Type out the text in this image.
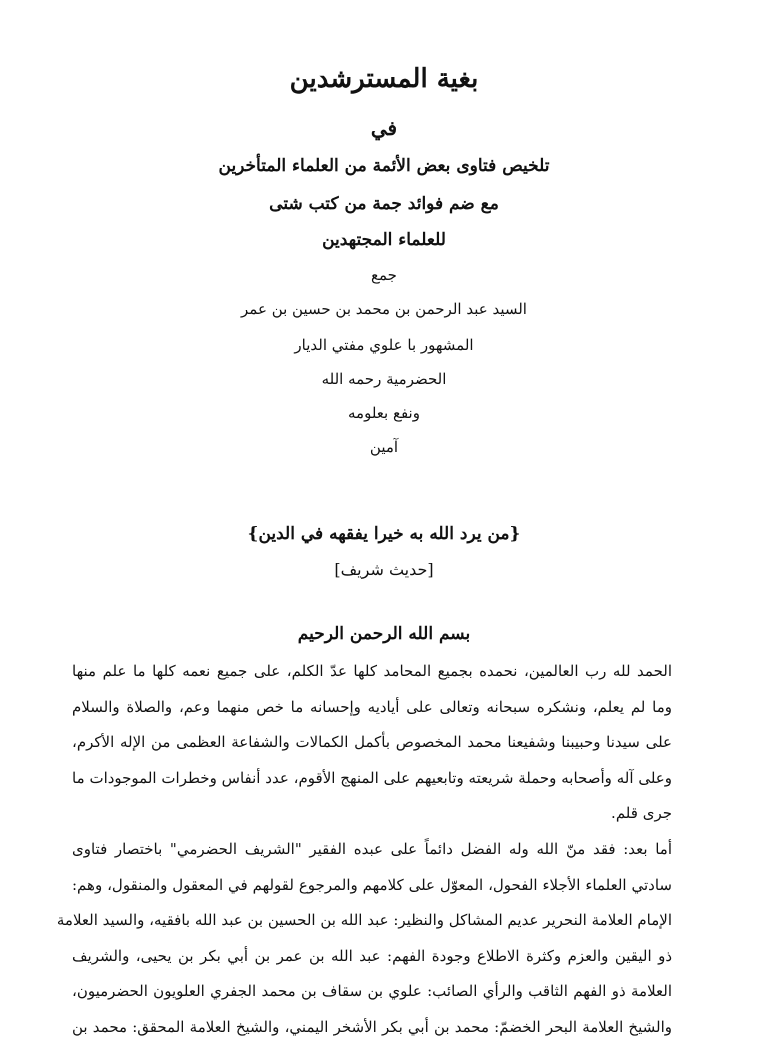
بغية المسترشدين
في
تلخيص فتاوى بعض الأئمة من العلماء المتأخرين
مع ضم فوائد جمة من كتب شتى
للعلماء المجتهدين
جمع
السيد عبد الرحمن بن محمد بن حسين بن عمر
المشهور با علوي مفتي الديار
الحضرمية رحمه الله
ونفع بعلومه
آمين
{من يرد الله به خيرا يفقهه في الدين}
[حديث شريف]
بسم الله الرحمن الرحيم

الحمد لله رب العالمين، نحمده بجميع المحامد كلها عدّ الكلم، على جميع نعمه كلها ما علم منها
وما لم يعلم، ونشكره سبحانه وتعالى على أياديه وإحسانه ما خص منهما وعم، والصلاة والسلام
على سيدنا وحبيبنا وشفيعنا محمد المخصوص بأكمل الكمالات والشفاعة العظمى من الإله الأكرم،
وعلى آله وأصحابه وحملة شريعته وتابعيهم على المنهج الأقوم، عدد أنفاس وخطرات الموجودات ما
جرى قلم.

أما بعد: فقد منّ الله وله الفضل دائماً على عبده الفقير "الشريف الحضرمي" باختصار فتاوى
سادتي العلماء الأجلاء الفحول، المعوّل على كلامهم والمرجوع لقولهم في المعقول والمنقول، وهم:
الإمام العلامة النحرير عديم المشاكل والنظير: عبد الله بن الحسين بن عبد الله بافقيه، والسيد العلامة
ذو اليقين والعزم وكثرة الاطلاع وجودة الفهم: عبد الله بن عمر بن أبي بكر بن يحيى، والشريف
العلامة ذو الفهم الثاقب والرأي الصائب: علوي بن سقاف بن محمد الجفري العلويون الحضرميون،
والشيخ العلامة البحر الخضمّ: محمد بن أبي بكر الأشخر اليمني، والشيخ العلامة المحقق: محمد بن
